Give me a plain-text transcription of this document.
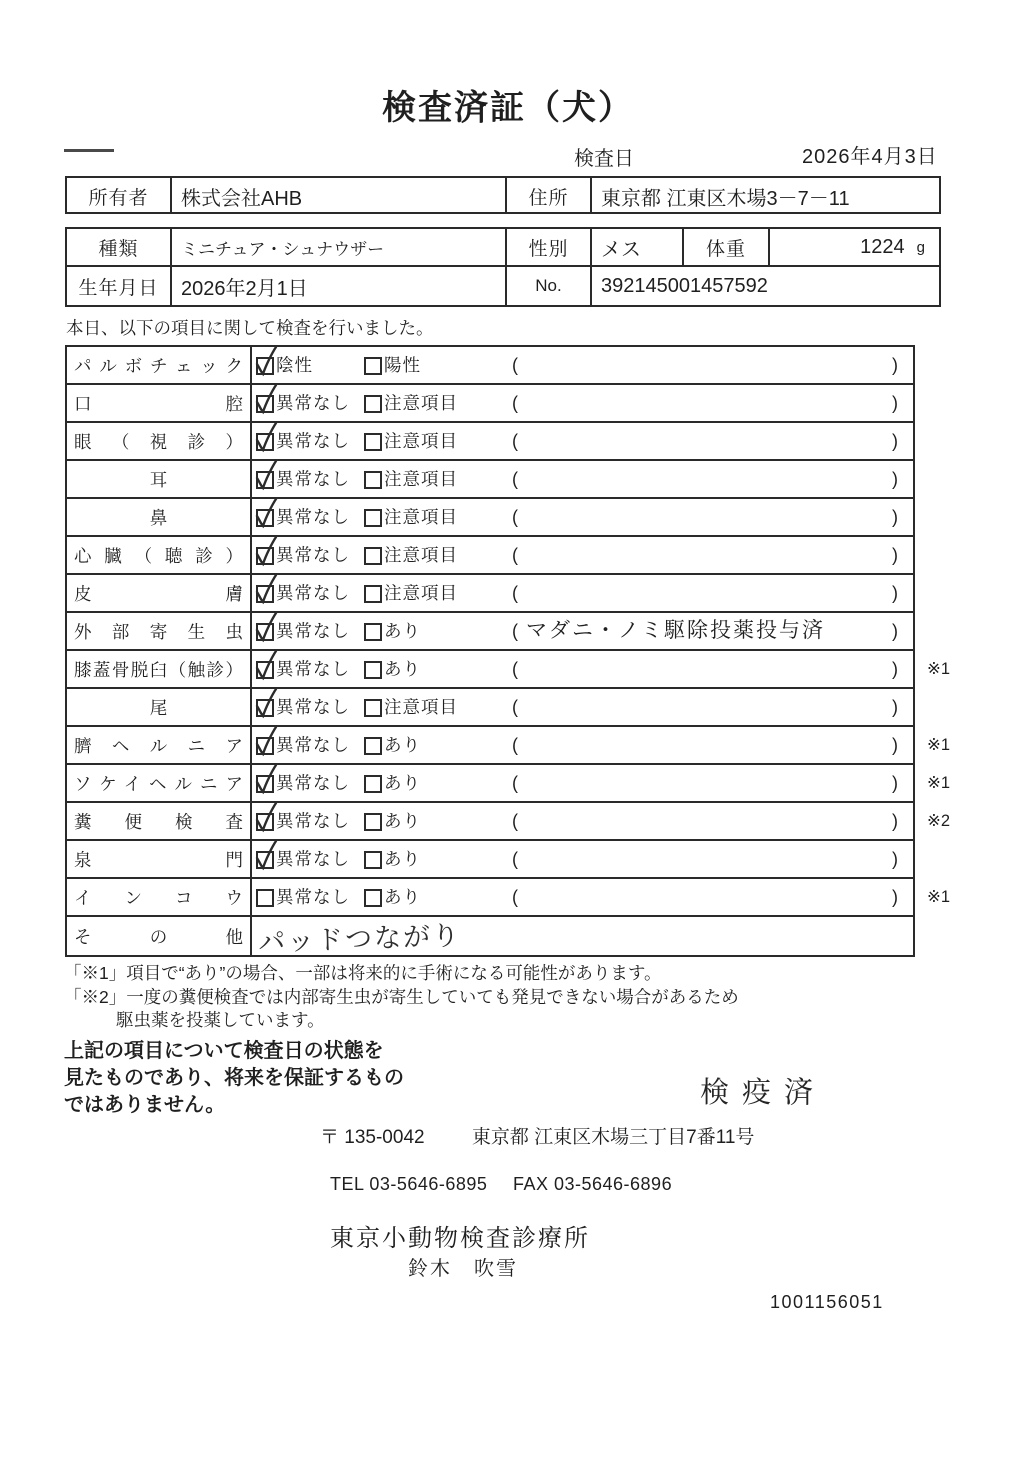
検査済証（犬）
検査日	2026年4月3日
所有者	株式会社AHB	住所	東京都 江東区木場3－7－11
種類	ミニチュア・シュナウザー	性別	メス	体重	1224 g
生年月日	2026年2月1日	No.	392145001457592
本日、以下の項目に関して検査を行いました。
パルボチェック 陰性	陽性	(	)
口腔 異常なし 注意項目	(	)
眼（視診） 異常なし 注意項目	(	)
耳	異常なし 注意項目	(	)
鼻	異常なし 注意項目	(	)
心臓（聴診） 異常なし 注意項目	(	)
皮膚 異常なし 注意項目	(	)
外部寄生虫 異常なし あり	( マダニ・ノミ駆除投薬投与済	)
膝蓋骨脱臼（触診） 異常なし あり	(	) ※1
尾	異常なし 注意項目	(	)
臍ヘルニア 異常なし あり	(	) ※1
ソケイヘルニア 異常なし あり	(	) ※1
糞便検査 異常なし あり	(	) ※2
泉門 異常なし あり	(	)
インコウ 異常なし あり	(	) ※1
その他 パッドつながり
「※1」項目で“あり”の場合、一部は将来的に手術になる可能性があります。
「※2」一度の糞便検査では内部寄生虫が寄生していても発見できない場合があるため
駆虫薬を投薬しています。
上記の項目について検査日の状態を
見たものであり、将来を保証するもの
ではありません。	検疫済
〒 135-0042 東京都 江東区木場三丁目7番11号
TEL 03-5646-6895 FAX 03-5646-6896
東京小動物検査診療所
鈴木　吹雪
1001156051
